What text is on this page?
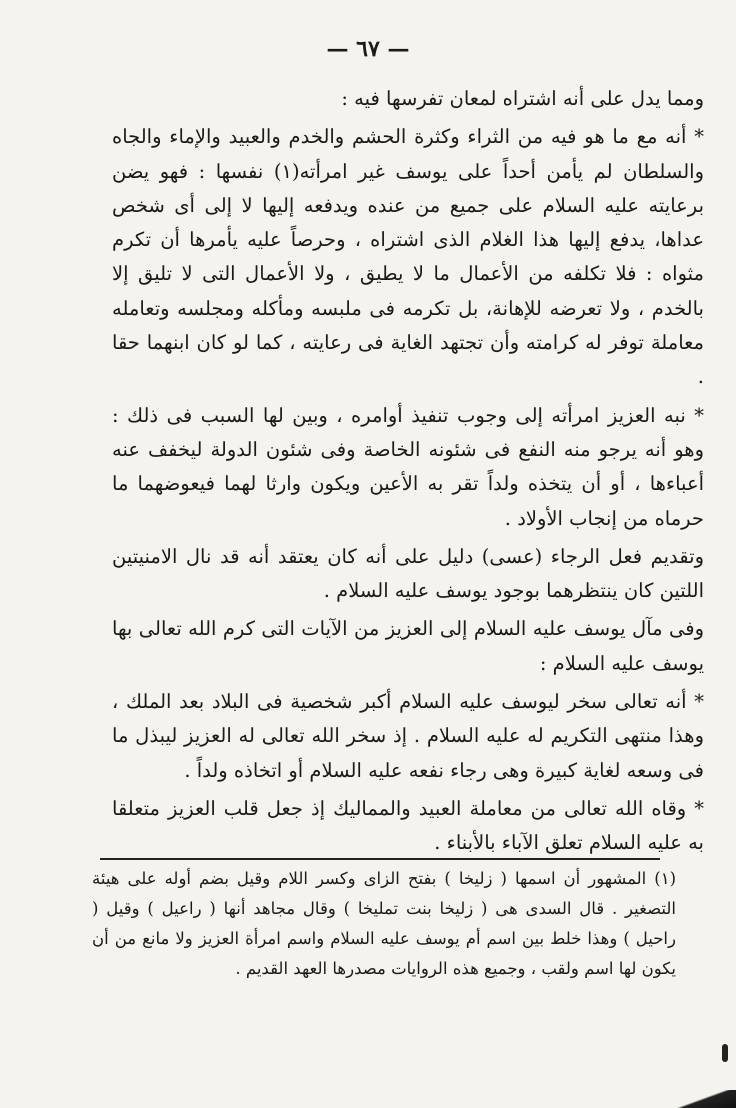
— ٦٧ —

ومما يدل على أنه اشتراه لمعان تفرسها فيه :

* أنه مع ما هو فيه من الثراء وكثرة الحشم والخدم والعبيد والإماء والجاه والسلطان لم يأمن أحداً على يوسف غير امرأته(١) نفسها : فهو يضن برعايته عليه السلام على جميع من عنده ويدفعه إليها لا إلى أى شخص عداها، يدفع إليها هذا الغلام الذى اشتراه ، وحرصاً عليه يأمرها أن تكرم مثواه : فلا تكلفه من الأعمال ما لا يطيق ، ولا الأعمال التى لا تليق إلا بالخدم ، ولا تعرضه للإهانة، بل تكرمه فى ملبسه ومأكله ومجلسه وتعامله معاملة توفر له كرامته وأن تجتهد الغاية فى رعايته ، كما لو كان ابنهما حقا .

* نبه العزيز امرأته إلى وجوب تنفيذ أوامره ، وبين لها السبب فى ذلك : وهو أنه يرجو منه النفع فى شئونه الخاصة وفى شئون الدولة ليخفف عنه أعباءها ، أو أن يتخذه ولداً تقر به الأعين ويكون وارثا لهما فيعوضهما ما حرماه من إنجاب الأولاد .

وتقديم فعل الرجاء (عسى) دليل على أنه كان يعتقد أنه قد نال الامنيتين اللتين كان ينتظرهما بوجود يوسف عليه السلام .

وفى مآل يوسف عليه السلام إلى العزيز من الآيات التى كرم الله تعالى بها يوسف عليه السلام :

* أنه تعالى سخر ليوسف عليه السلام أكبر شخصية فى البلاد بعد الملك ، وهذا منتهى التكريم له عليه السلام . إذ سخر الله تعالى له العزيز ليبذل ما فى وسعه لغاية كبيرة وهى رجاء نفعه عليه السلام أو اتخاذه ولداً .

* وقاه الله تعالى من معاملة العبيد والمماليك إذ جعل قلب العزيز متعلقا به عليه السلام تعلق الآباء بالأبناء .

(١) المشهور أن اسمها ( زليخا ) بفتح الزاى وكسر اللام وقيل بضم أوله على هيئة التصغير . قال السدى هى ( زليخا بنت تمليخا ) وقال مجاهد أنها ( راعيل ) وقيل ( راحيل ) وهذا خلط بين اسم أم يوسف عليه السلام واسم امرأة العزيز ولا مانع من أن يكون لها اسم ولقب ، وجميع هذه الروايات مصدرها العهد القديم .
